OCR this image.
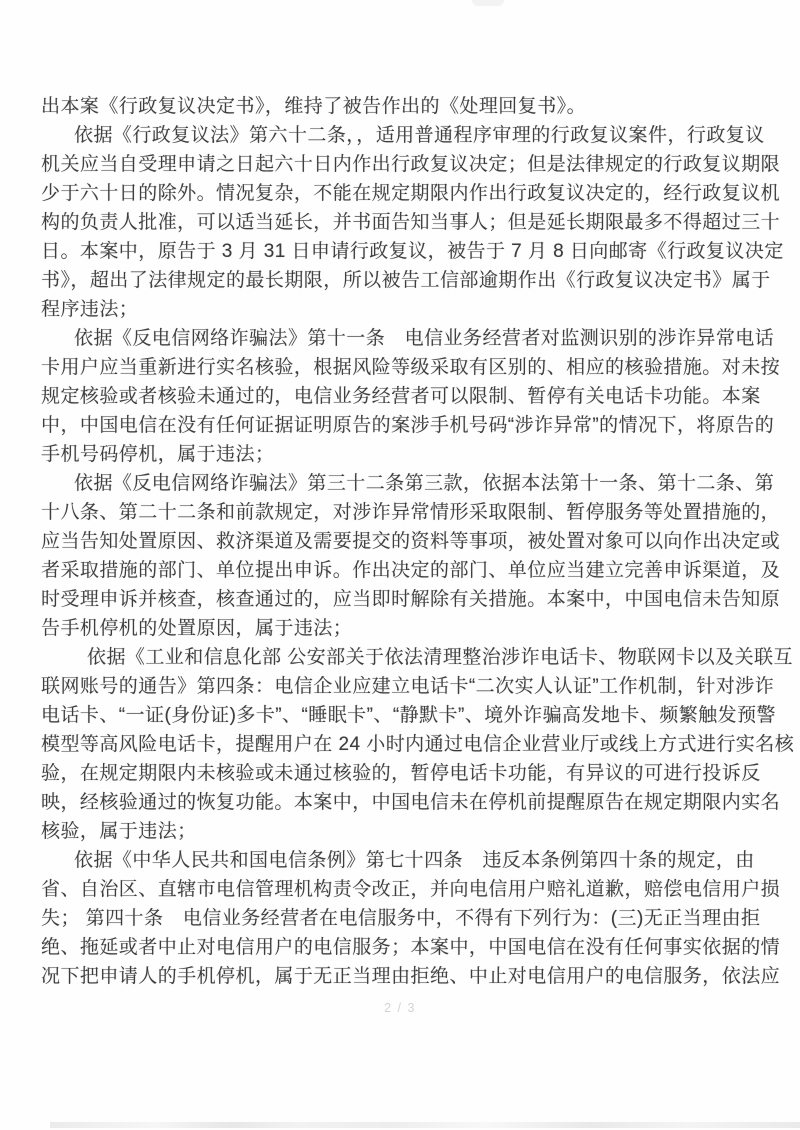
出本案《行政复议决定书》，维持了被告作出的《处理回复书》。
依据《行政复议法》第六十二条，，适用普通程序审理的行政复议案件，行政复议
机关应当自受理申请之日起六十日内作出行政复议决定；但是法律规定的行政复议期限
少于六十日的除外。情况复杂，不能在规定期限内作出行政复议决定的，经行政复议机
构的负责人批准，可以适当延长，并书面告知当事人；但是延长期限最多不得超过三十
日。本案中，原告于 3 月 31 日申请行政复议，被告于 7 月 8 日向邮寄《行政复议决定
书》，超出了法律规定的最长期限，所以被告工信部逾期作出《行政复议决定书》属于
程序违法；
依据《反电信网络诈骗法》第十一条　电信业务经营者对监测识别的涉诈异常电话
卡用户应当重新进行实名核验，根据风险等级采取有区别的、相应的核验措施。对未按
规定核验或者核验未通过的，电信业务经营者可以限制、暂停有关电话卡功能。本案
中，中国电信在没有任何证据证明原告的案涉手机号码“涉诈异常”的情况下，将原告的
手机号码停机，属于违法；
依据《反电信网络诈骗法》第三十二条第三款，依据本法第十一条、第十二条、第
十八条、第二十二条和前款规定，对涉诈异常情形采取限制、暂停服务等处置措施的，
应当告知处置原因、救济渠道及需要提交的资料等事项，被处置对象可以向作出决定或
者采取措施的部门、单位提出申诉。作出决定的部门、单位应当建立完善申诉渠道，及
时受理申诉并核查，核查通过的，应当即时解除有关措施。本案中，中国电信未告知原
告手机停机的处置原因，属于违法；
依据《工业和信息化部 公安部关于依法清理整治涉诈电话卡、物联网卡以及关联互
联网账号的通告》第四条：电信企业应建立电话卡“二次实人认证”工作机制，针对涉诈
电话卡、“一证(身份证)多卡”、“睡眠卡”、“静默卡”、境外诈骗高发地卡、频繁触发预警
模型等高风险电话卡，提醒用户在 24 小时内通过电信企业营业厅或线上方式进行实名核
验，在规定期限内未核验或未通过核验的，暂停电话卡功能，有异议的可进行投诉反
映，经核验通过的恢复功能。本案中，中国电信未在停机前提醒原告在规定期限内实名
核验，属于违法；
依据《中华人民共和国电信条例》第七十四条　违反本条例第四十条的规定，由
省、自治区、直辖市电信管理机构责令改正，并向电信用户赔礼道歉，赔偿电信用户损
失； 第四十条　电信业务经营者在电信服务中，不得有下列行为：(三)无正当理由拒
绝、拖延或者中止对电信用户的电信服务；本案中，中国电信在没有任何事实依据的情
况下把申请人的手机停机，属于无正当理由拒绝、中止对电信用户的电信服务，依法应
2 / 3
